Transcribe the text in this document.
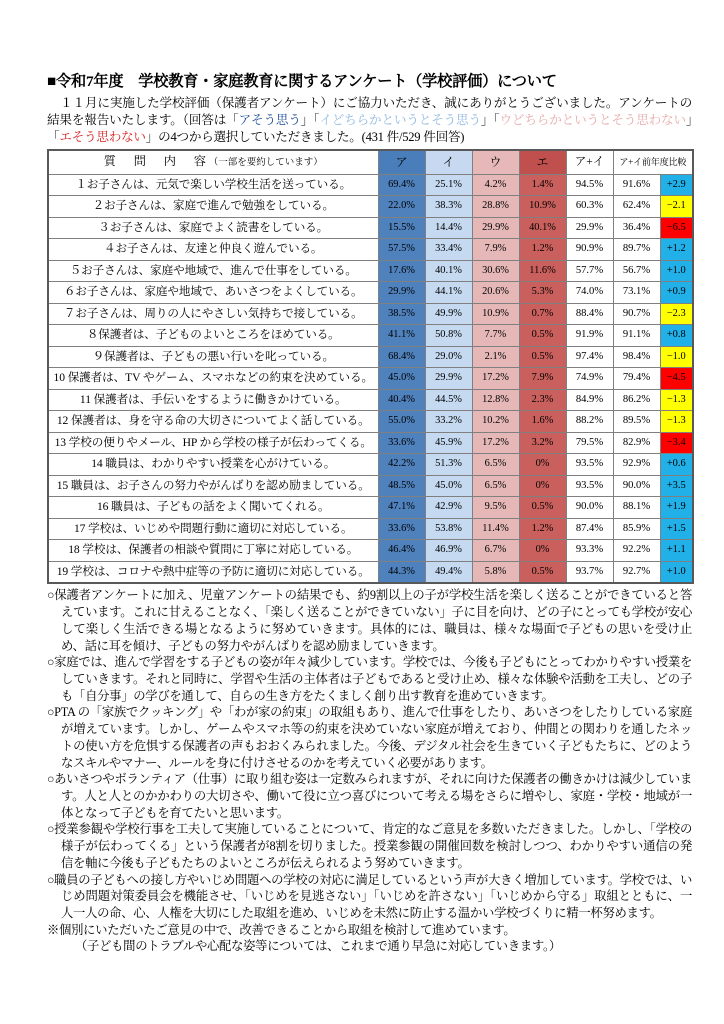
■令和7年度　学校教育・家庭教育に関するアンケート（学校評価）について
１１月に実施した学校評価（保護者アンケート）にご協力いただき、誠にありがとうございました。アンケートの結果を報告いたします。（回答は「アそう思う」「イどちらかというとそう思う」「ウどちらかというとそう思わない」「エそう思わない」の4つから選択していただきました。(431 件/529 件回答)
質　問　内　容（一部を要約しています）	ア	イ	ウ	エ	ア+イ	ア+イ前年度比較	
１お子さんは、元気で楽しい学校生活を送っている。	69.4%	25.1%	4.2%	1.4%	94.5%	91.6%	+2.9
２お子さんは、家庭で進んで勉強をしている。	22.0%	38.3%	28.8%	10.9%	60.3%	62.4%	−2.1
３お子さんは、家庭でよく読書をしている。	15.5%	14.4%	29.9%	40.1%	29.9%	36.4%	−6.5
４お子さんは、友達と仲良く遊んでいる。	57.5%	33.4%	7.9%	1.2%	90.9%	89.7%	+1.2
５お子さんは、家庭や地域で、進んで仕事をしている。	17.6%	40.1%	30.6%	11.6%	57.7%	56.7%	+1.0
６お子さんは、家庭や地域で、あいさつをよくしている。	29.9%	44.1%	20.6%	5.3%	74.0%	73.1%	+0.9
７お子さんは、周りの人にやさしい気持ちで接している。	38.5%	49.9%	10.9%	0.7%	88.4%	90.7%	−2.3
８保護者は、子どものよいところをほめている。	41.1%	50.8%	7.7%	0.5%	91.9%	91.1%	+0.8
９保護者は、子どもの悪い行いを叱っている。	68.4%	29.0%	2.1%	0.5%	97.4%	98.4%	−1.0
10 保護者は、TV やゲーム、スマホなどの約束を決めている。	45.0%	29.9%	17.2%	7.9%	74.9%	79.4%	−4.5
11 保護者は、手伝いをするように働きかけている。	40.4%	44.5%	12.8%	2.3%	84.9%	86.2%	−1.3
12 保護者は、身を守る命の大切さについてよく話している。	55.0%	33.2%	10.2%	1.6%	88.2%	89.5%	−1.3
13 学校の便りやメール、HP から学校の様子が伝わってくる。	33.6%	45.9%	17.2%	3.2%	79.5%	82.9%	−3.4
14 職員は、わかりやすい授業を心がけている。	42.2%	51.3%	6.5%	0%	93.5%	92.9%	+0.6
15 職員は、お子さんの努力やがんばりを認め励ましている。	48.5%	45.0%	6.5%	0%	93.5%	90.0%	+3.5
16 職員は、子どもの話をよく聞いてくれる。	47.1%	42.9%	9.5%	0.5%	90.0%	88.1%	+1.9
17 学校は、いじめや問題行動に適切に対応している。	33.6%	53.8%	11.4%	1.2%	87.4%	85.9%	+1.5
18 学校は、保護者の相談や質問に丁寧に対応している。	46.4%	46.9%	6.7%	0%	93.3%	92.2%	+1.1
19 学校は、コロナや熱中症等の予防に適切に対応している。	44.3%	49.4%	5.8%	0.5%	93.7%	92.7%	+1.0
○保護者アンケートに加え、児童アンケートの結果でも、約9割以上の子が学校生活を楽しく送ることができていると答えています。これに甘えることなく、「楽しく送ることができていない」子に目を向け、どの子にとっても学校が安心して楽しく生活できる場となるように努めていきます。具体的には、職員は、様々な場面で子どもの思いを受け止め、話に耳を傾け、子どもの努力やがんばりを認め励ましていきます。
○家庭では、進んで学習をする子どもの姿が年々減少しています。学校では、今後も子どもにとってわかりやすい授業をしていきます。それと同時に、学習や生活の主体者は子どもであると受け止め、様々な体験や活動を工夫し、どの子も「自分事」の学びを通して、自らの生き方をたくましく創り出す教育を進めていきます。
○PTA の「家族でクッキング」や「わが家の約束」の取組もあり、進んで仕事をしたり、あいさつをしたりしている家庭が増えています。しかし、ゲームやスマホ等の約束を決めていない家庭が増えており、仲間との関わりを通したネットの使い方を危惧する保護者の声もおおくみられました。今後、デジタル社会を生きていく子どもたちに、どのようなスキルやマナー、ルールを身に付けさせるのかを考えていく必要があります。
○あいさつやボランティア（仕事）に取り組む姿は一定数みられますが、それに向けた保護者の働きかけは減少しています。人と人とのかかわりの大切さや、働いて役に立つ喜びについて考える場をさらに増やし、家庭・学校・地域が一体となって子どもを育てたいと思います。
○授業参観や学校行事を工夫して実施していることについて、肯定的なご意見を多数いただきました。しかし、「学校の様子が伝わってくる」という保護者が8割を切りました。授業参観の開催回数を検討しつつ、わかりやすい通信の発信を軸に今後も子どもたちのよいところが伝えられるよう努めていきます。
○職員の子どもへの接し方やいじめ問題への学校の対応に満足しているという声が大きく増加しています。学校では、いじめ問題対策委員会を機能させ、「いじめを見逃さない」「いじめを許さない」「いじめから守る」取組とともに、一人一人の命、心、人権を大切にした取組を進め、いじめを未然に防止する温かい学校づくりに精一杯努めます。
※個別にいただいたご意見の中で、改善できることから取組を検討して進めています。
（子ども間のトラブルや心配な姿等については、これまで通り早急に対応していきます。）
